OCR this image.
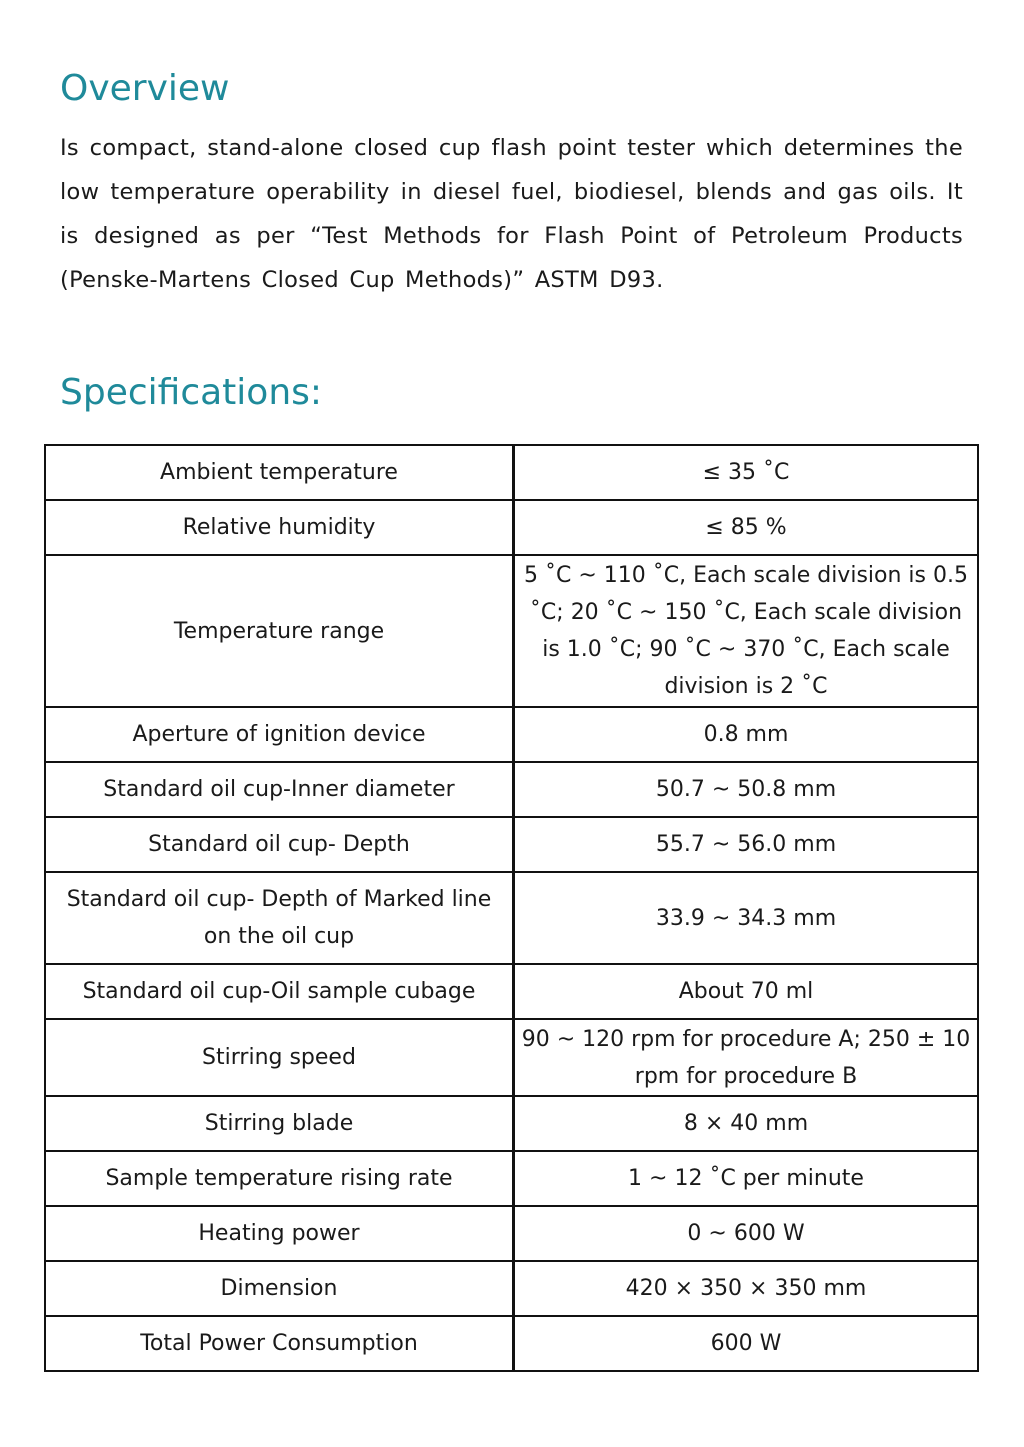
Overview

Is compact, stand-alone closed cup flash point tester which determines the low temperature operability in diesel fuel, biodiesel, blends and gas oils. It is designed as per “Test Methods for Flash Point of Petroleum Products (Penske-Martens Closed Cup Methods)” ASTM D93.

Specifications:
Ambient temperature	≤ 35 ˚C
Relative humidity	≤ 85 %
Temperature range	5 ˚C ~ 110 ˚C, Each scale division is 0.5 ˚C; 20 ˚C ~ 150 ˚C, Each scale division is 1.0 ˚C; 90 ˚C ~ 370 ˚C, Each scale division is 2 ˚C
Aperture of ignition device	0.8 mm
Standard oil cup-Inner diameter	50.7 ~ 50.8 mm
Standard oil cup- Depth	55.7 ~ 56.0 mm
Standard oil cup- Depth of Marked line on the oil cup	33.9 ~ 34.3 mm
Standard oil cup-Oil sample cubage	About 70 ml
Stirring speed	90 ~ 120 rpm for procedure A; 250 ± 10 rpm for procedure B
Stirring blade	8 × 40 mm
Sample temperature rising rate	1 ~ 12 ˚C per minute
Heating power	0 ~ 600 W
Dimension	420 × 350 × 350 mm
Total Power Consumption	600 W
